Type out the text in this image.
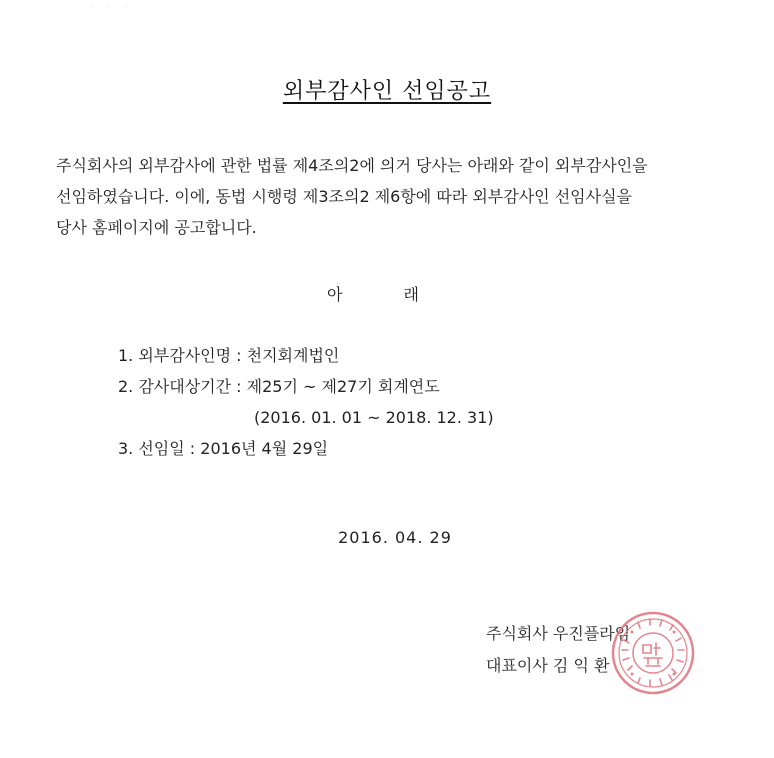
· · ·
외부감사인 선임공고
주식회사의 외부감사에 관한 법률 제4조의2에 의거 당사는 아래와 같이 외부감사인을
선임하였습니다. 이에, 동법 시행령 제3조의2 제6항에 따라 외부감사인 선임사실을
당사 홈페이지에 공고합니다.
아 래
1. 외부감사인명 : 천지회계법인
2. 감사대상기간 : 제25기 ~ 제27기 회계연도
(2016. 01. 01 ~ 2018. 12. 31)
3. 선임일 : 2016년 4월 29일
2016. 04. 29
주식회사 우진플라임
대표이사 김 익 환
